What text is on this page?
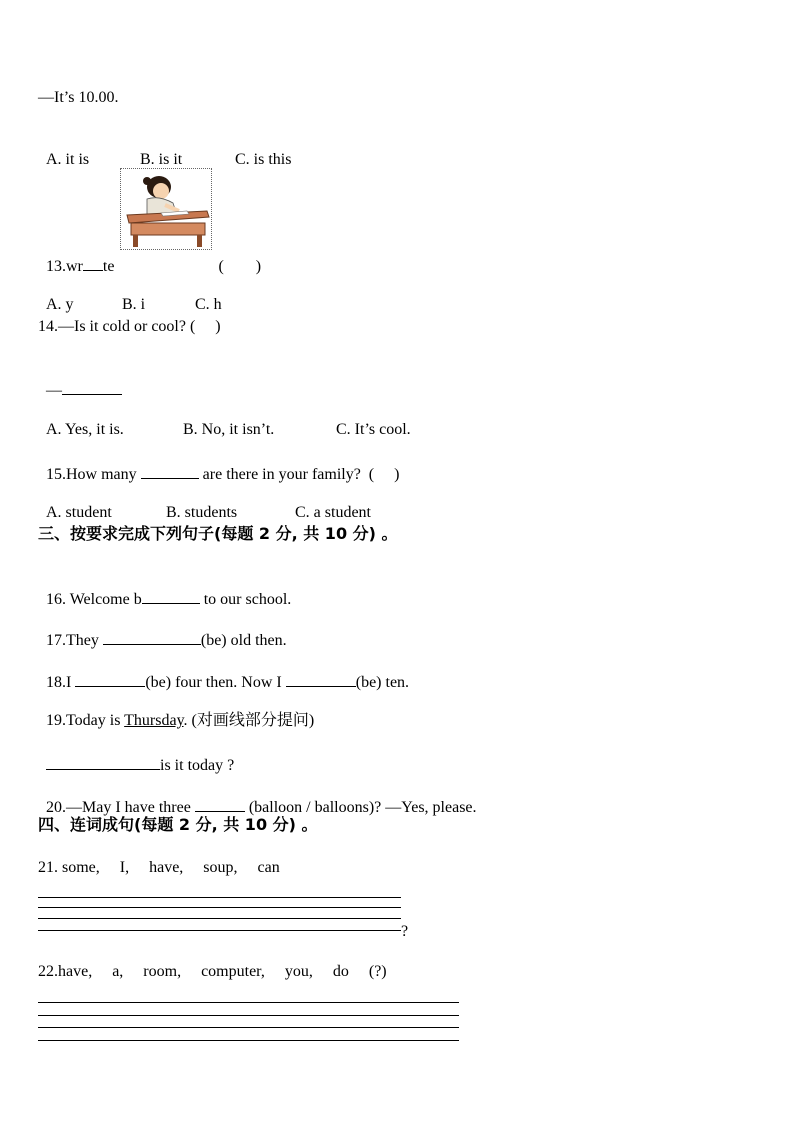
—It’s 10.00.

A. it is	B. is it	C. is this

13.wr te	(        )

A. y	B. i	C. h

14.—Is it cold or cool? (     )

—

A. Yes, it is.	B. No, it isn’t.	C. It’s cool.

15.How many	are there in your family?  (     )

A. student	B. students	C. a student

三、按要求完成下列句子(每题 2 分, 共 10 分) 。

16. Welcome b	to our school.

17.They	(be) old then.

18.I	(be) four then. Now I	(be) ten.

19.Today is Thursday. (对画线部分提问)

is it today ?

20.—May I have three	(balloon / balloons)? —Yes, please.

四、连词成句(每题 2 分, 共 10 分) 。
21. some,     I,     have,     soup,     can
?
22.have,     a,     room,     computer,     you,     do     (?)
